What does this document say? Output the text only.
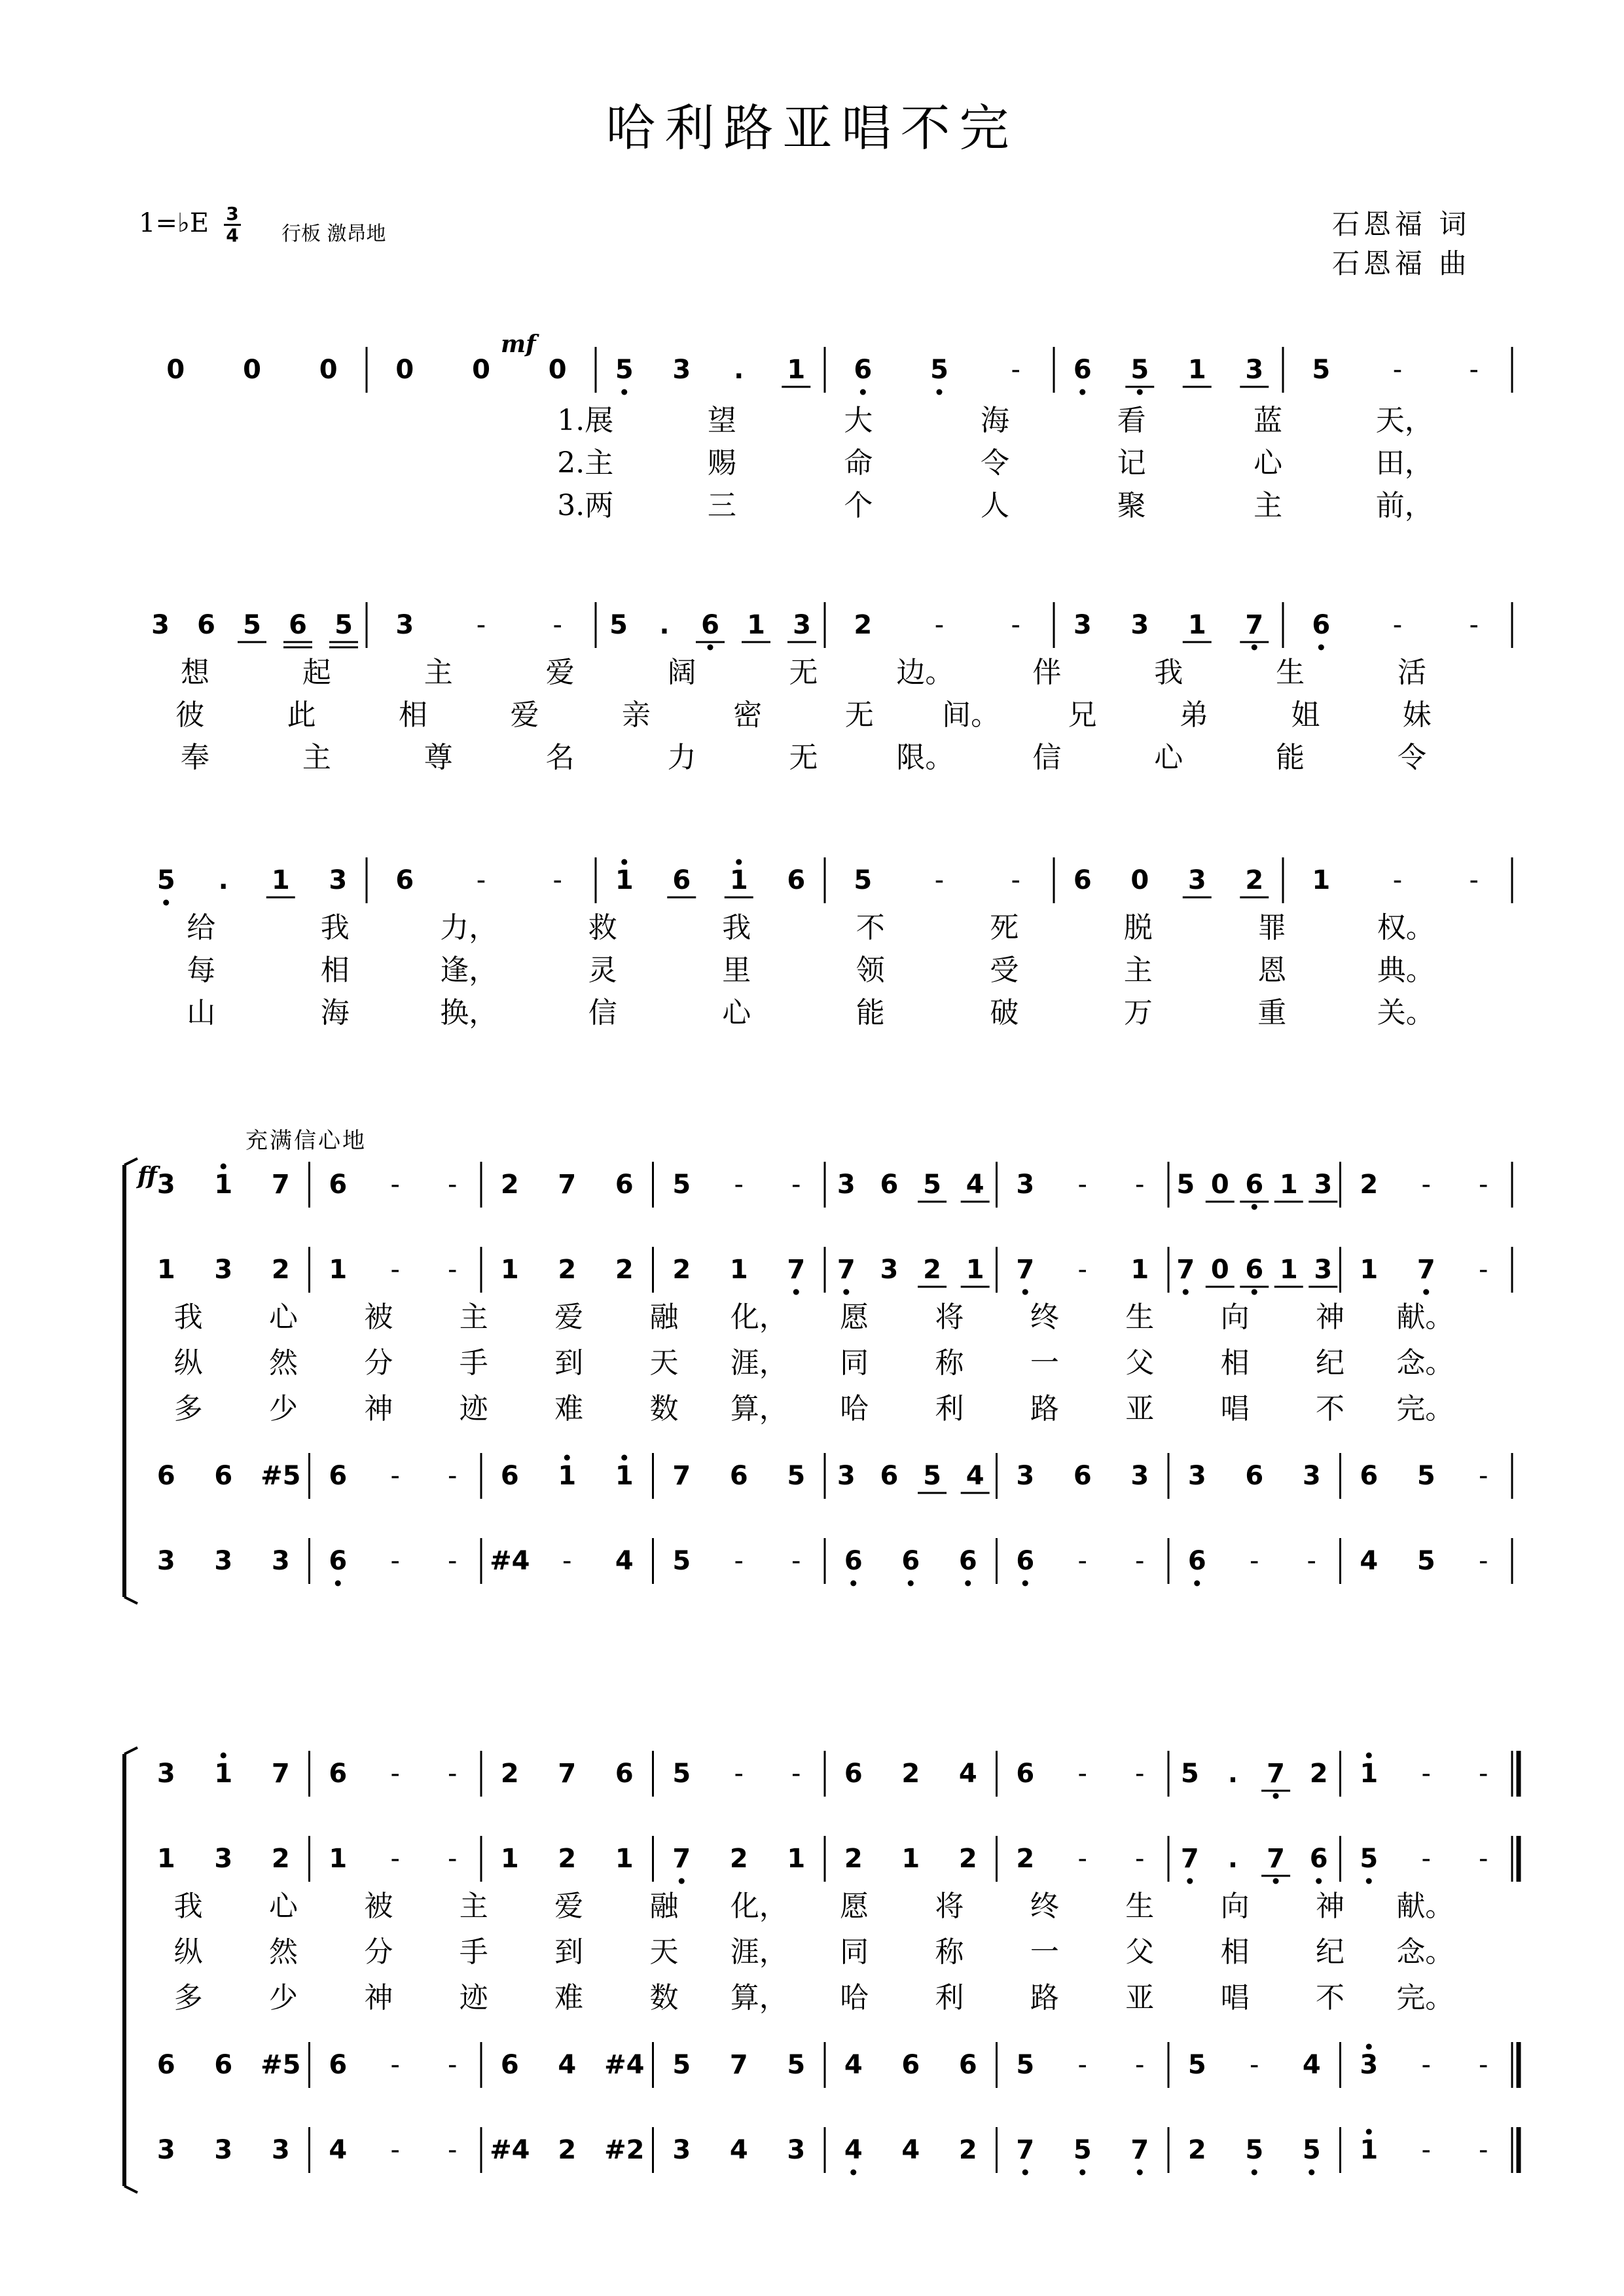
哈利路亚唱不完
1=♭E 3
4 行板 激昂地	石恩福 词
石恩福 曲
mf
充满信心地
ff
0 0 0 0 0 0 5 3 . 1 6 5 - 6 5 1 3 5 -	-
1.展	望	大	海	看	蓝	天，
2.主	赐	命	令	记	心	田，
3.两	三	个	人	聚	主	前，
3 6 5 6 5 3 -	- 5 . 6 1 3 2 -	- 3 3 1 7 6 -	-
想	起	主	爱	阔	无	边。	伴	我	生	活
彼	此	相	爱	亲	密	无 间。 兄	弟	姐	妹
奉	主	尊	名	力	无	限。	信	心	能	令
5 . 1 3 6 -	- 1 6 1 6 5 -	- 6 0 3 2 1 -	-
给	我	力，	救	我	不	死	脱	罪	权。
每	相	逢，	灵	里	领	受	主	恩	典。
山	海	换，	信	心	能	破	万	重	关。
3 1 7 6 - - 2 7 6 5 - - 3 6 5 4 3 - - 5 0 6 1 3 2 - -
1 3 2 1 - - 1 2 2 2 1 7 7 3 2 1 7 - 1 7 0 6 1 3 1 7 -
6 6 #5 6 - - 6 1 1 7 6 5 3 6 5 4 3 6 3 3 6 3 6 5 -
3 3 3 6 - - #4 - 4 5 - - 6 6 6 6 - - 6 - - 4 5 -
我 心 被 主 爱 融 化， 愿 将 终 生 向 神 献。
纵 然 分 手 到 天 涯， 同 称 一 父 相 纪 念。
多 少 神 迹 难 数 算， 哈 利 路 亚 唱 不 完。
3 1 7 6 - - 2 7 6 5 - - 6 2 4 6 - - 5 . 7 2 1 - -
1 3 2 1 - - 1 2 1 7 2 1 2 1 2 2 - - 7 . 7 6 5 - -
6 6 #5 6 - - 6 4 #4 5 7 5 4 6 6 5 - - 5 - 4 3 - -
3 3 3 4 - - #4 2 #2 3 4 3 4 4 2 7 5 7 2 5 5 1 - -
我 心 被 主 爱 融 化， 愿 将 终 生 向 神 献。
纵 然 分 手 到 天 涯， 同 称 一 父 相 纪 念。
多 少 神 迹 难 数 算， 哈 利 路 亚 唱 不 完。
